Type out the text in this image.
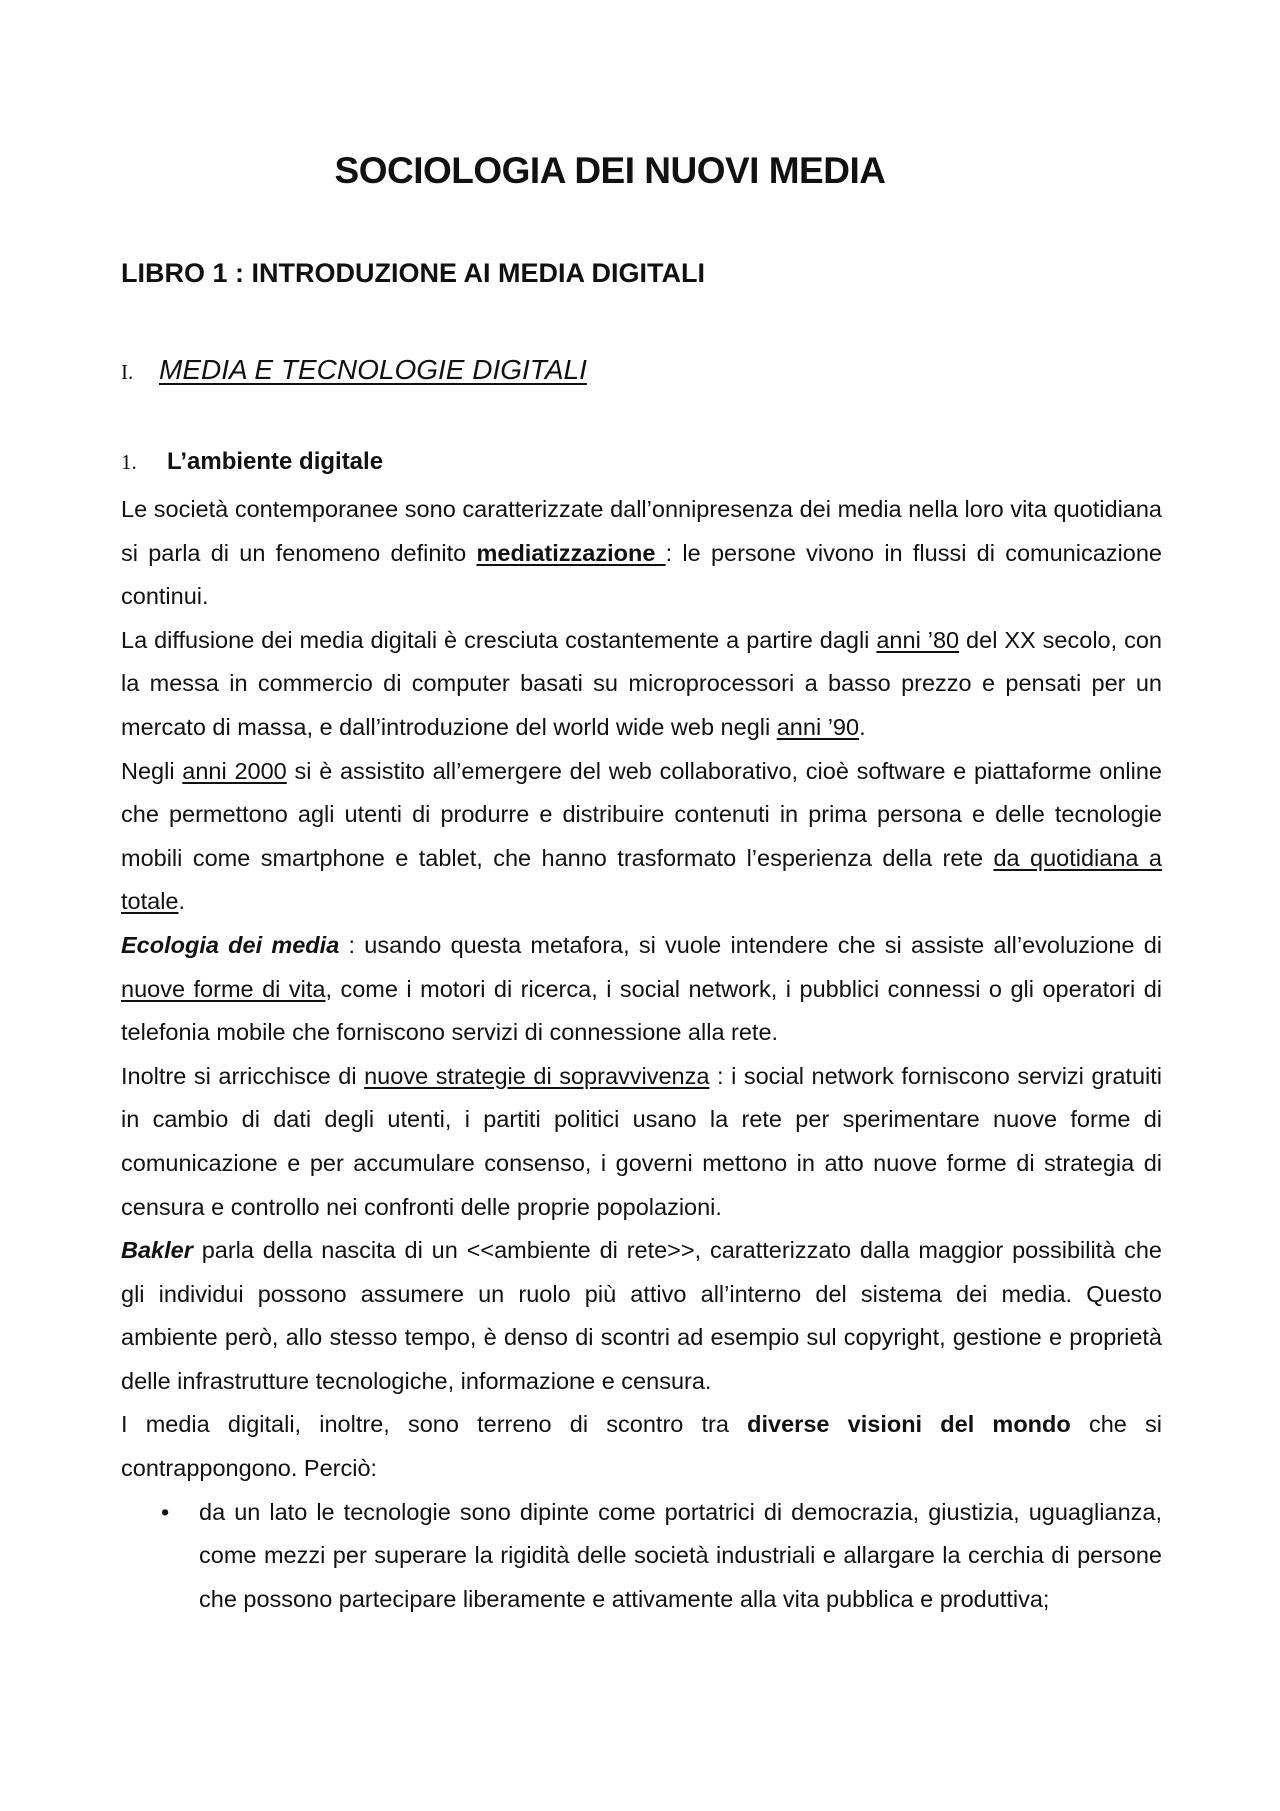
SOCIOLOGIA DEI NUOVI MEDIA
LIBRO 1 : INTRODUZIONE AI MEDIA DIGITALI
I. MEDIA E TECNOLOGIE DIGITALI
1. L’ambiente digitale

Le società contemporanee sono caratterizzate dall’onnipresenza dei media nella loro vita quotidiana si parla di un fenomeno definito mediatizzazione : le persone vivono in flussi di comunicazione continui.

La diffusione dei media digitali è cresciuta costantemente a partire dagli anni ’80 del XX secolo, con la messa in commercio di computer basati su microprocessori a basso prezzo e pensati per un mercato di massa, e dall’introduzione del world wide web negli anni ’90.

Negli anni 2000 si è assistito all’emergere del web collaborativo, cioè software e piattaforme online che permettono agli utenti di produrre e distribuire contenuti in prima persona e delle tecnologie mobili come smartphone e tablet, che hanno trasformato l’esperienza della rete da quotidiana a totale.

Ecologia dei media : usando questa metafora, si vuole intendere che si assiste all’evoluzione di nuove forme di vita, come i motori di ricerca, i social network, i pubblici connessi o gli operatori di telefonia mobile che forniscono servizi di connessione alla rete.

Inoltre si arricchisce di nuove strategie di sopravvivenza : i social network forniscono servizi gratuiti in cambio di dati degli utenti, i partiti politici usano la rete per sperimentare nuove forme di comunicazione e per accumulare consenso, i governi mettono in atto nuove forme di strategia di censura e controllo nei confronti delle proprie popolazioni.

Bakler parla della nascita di un <<ambiente di rete>>, caratterizzato dalla maggior possibilità che gli individui possono assumere un ruolo più attivo all’interno del sistema dei media. Questo ambiente però, allo stesso tempo, è denso di scontri ad esempio sul copyright, gestione e proprietà delle infrastrutture tecnologiche, informazione e censura.

I media digitali, inoltre, sono terreno di scontro tra diverse visioni del mondo che si contrappongono. Perciò:

• da un lato le tecnologie sono dipinte come portatrici di democrazia, giustizia, uguaglianza, come mezzi per superare la rigidità delle società industriali e allargare la cerchia di persone che possono partecipare liberamente e attivamente alla vita pubblica e produttiva;
